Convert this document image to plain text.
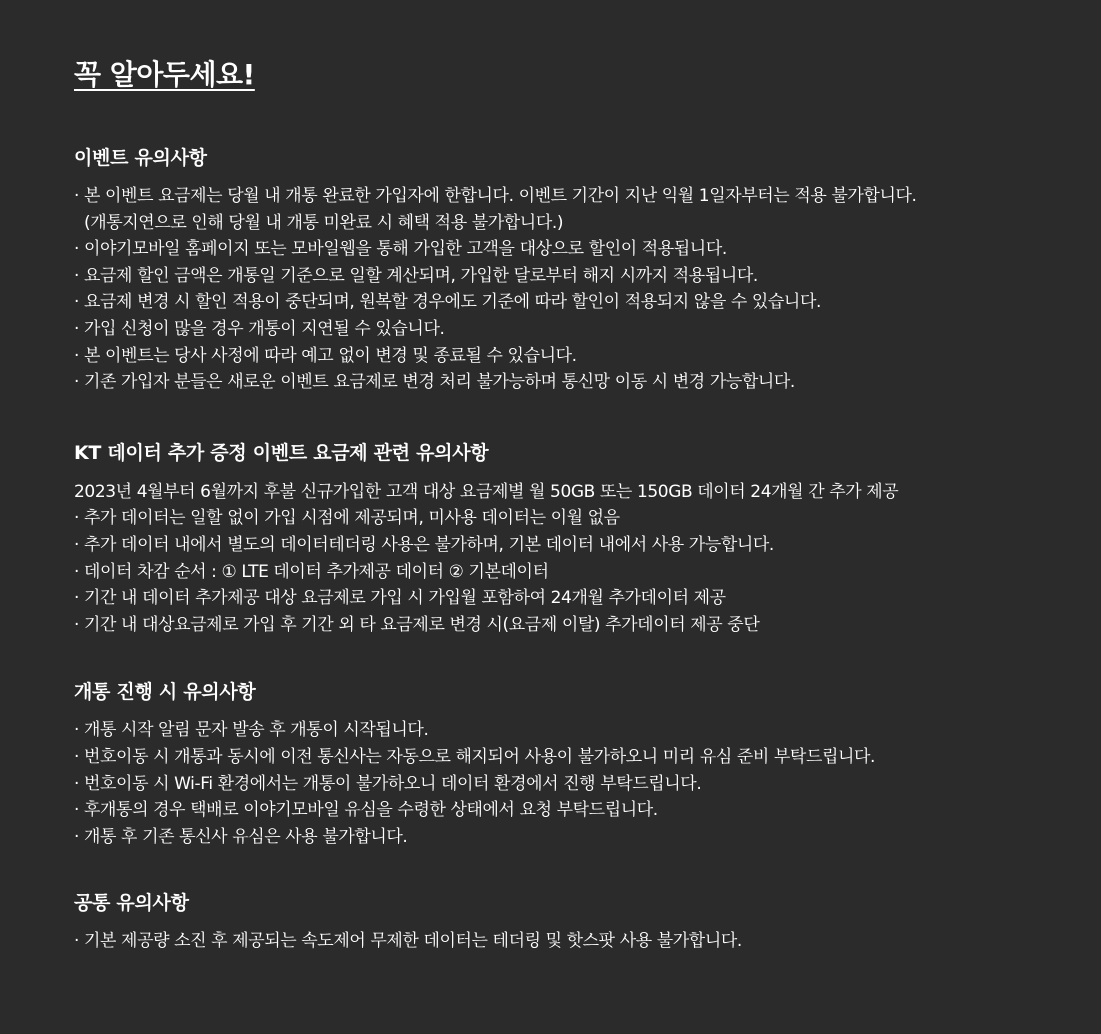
꼭 알아두세요!
이벤트 유의사항
· 본 이벤트 요금제는 당월 내 개통 완료한 가입자에 한합니다. 이벤트 기간이 지난 익월 1일자부터는 적용 불가합니다.
(개통지연으로 인해 당월 내 개통 미완료 시 혜택 적용 불가합니다.)
· 이야기모바일 홈페이지 또는 모바일웹을 통해 가입한 고객을 대상으로 할인이 적용됩니다.
· 요금제 할인 금액은 개통일 기준으로 일할 계산되며, 가입한 달로부터 해지 시까지 적용됩니다.
· 요금제 변경 시 할인 적용이 중단되며, 원복할 경우에도 기준에 따라 할인이 적용되지 않을 수 있습니다.
· 가입 신청이 많을 경우 개통이 지연될 수 있습니다.
· 본 이벤트는 당사 사정에 따라 예고 없이 변경 및 종료될 수 있습니다.
· 기존 가입자 분들은 새로운 이벤트 요금제로 변경 처리 불가능하며 통신망 이동 시 변경 가능합니다.
KT 데이터 추가 증정 이벤트 요금제 관련 유의사항
2023년 4월부터 6월까지 후불 신규가입한 고객 대상 요금제별 월 50GB 또는 150GB 데이터 24개월 간 추가 제공
· 추가 데이터는 일할 없이 가입 시점에 제공되며, 미사용 데이터는 이월 없음
· 추가 데이터 내에서 별도의 데이터테더링 사용은 불가하며, 기본 데이터 내에서 사용 가능합니다.
· 데이터 차감 순서 : ① LTE 데이터 추가제공 데이터 ② 기본데이터
· 기간 내 데이터 추가제공 대상 요금제로 가입 시 가입월 포함하여 24개월 추가데이터 제공
· 기간 내 대상요금제로 가입 후 기간 외 타 요금제로 변경 시(요금제 이탈) 추가데이터 제공 중단
개통 진행 시 유의사항
· 개통 시작 알림 문자 발송 후 개통이 시작됩니다.
· 번호이동 시 개통과 동시에 이전 통신사는 자동으로 해지되어 사용이 불가하오니 미리 유심 준비 부탁드립니다.
· 번호이동 시 Wi-Fi 환경에서는 개통이 불가하오니 데이터 환경에서 진행 부탁드립니다.
· 후개통의 경우 택배로 이야기모바일 유심을 수령한 상태에서 요청 부탁드립니다.
· 개통 후 기존 통신사 유심은 사용 불가합니다.
공통 유의사항
· 기본 제공량 소진 후 제공되는 속도제어 무제한 데이터는 테더링 및 핫스팟 사용 불가합니다.
